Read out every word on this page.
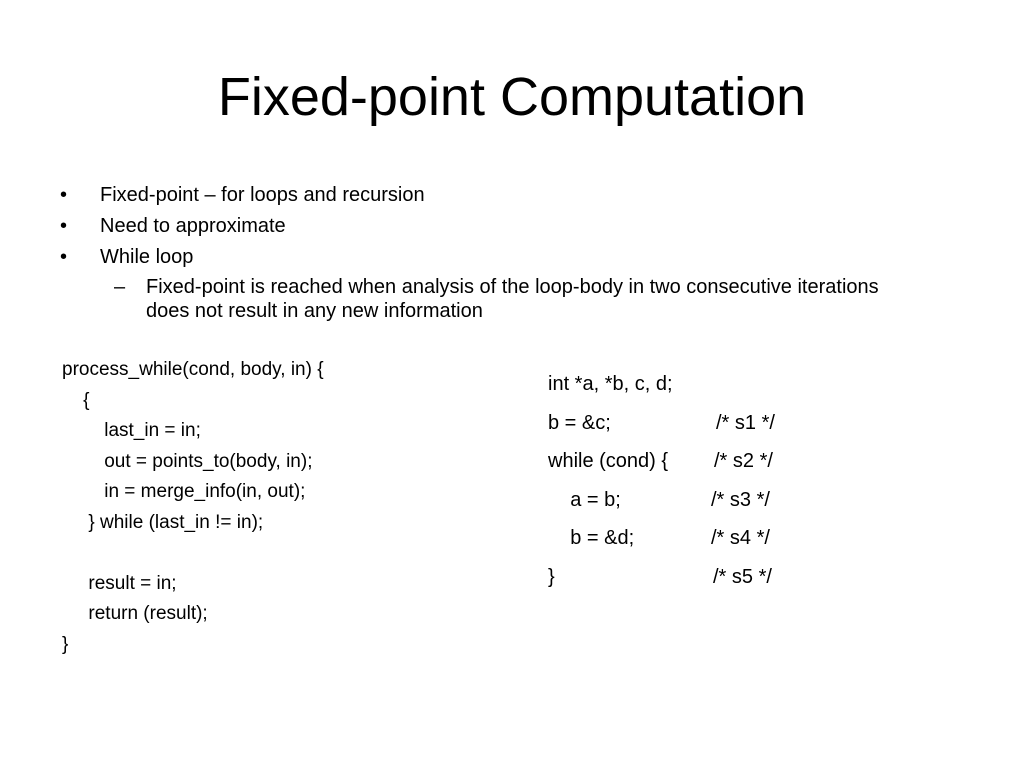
Fixed-point Computation
• Fixed-point – for loops and recursion
• Need to approximate
• While loop
– Fixed-point is reached when analysis of the loop-body in two consecutive iterations does not result in any new information
process_while(cond, body, in) {
{
last_in = in;
out = points_to(body, in);
in = merge_info(in, out);
} while (last_in != in);
result = in;
return (result);
}
int *a, *b, c, d;
b = &c;	/* s1 */
while (cond) { /* s2 */
a = b;	/* s3 */
b = &d;	/* s4 */
}	/* s5 */
